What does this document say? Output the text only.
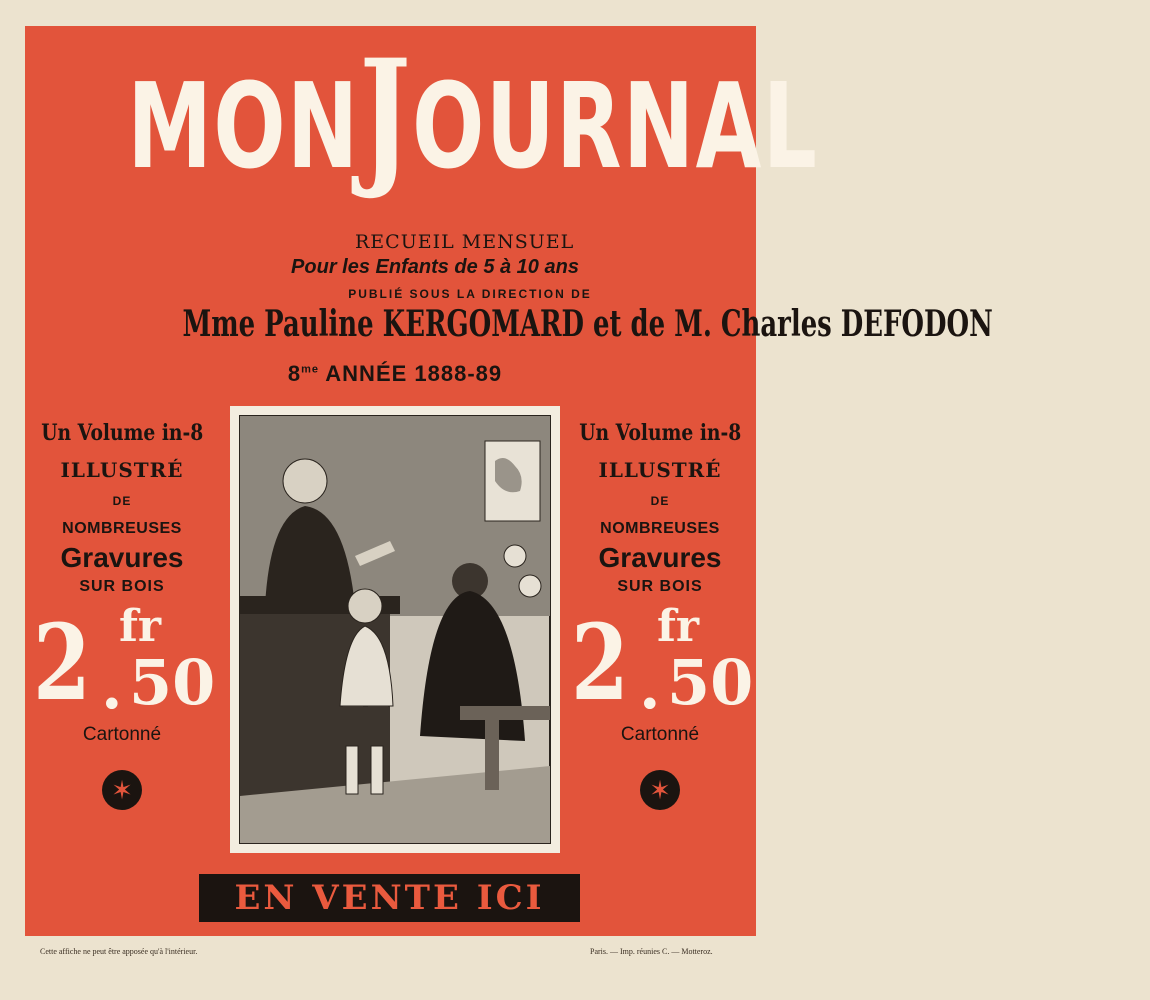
MONJOURNAL
RECUEIL MENSUEL
Pour les Enfants de 5 à 10 ans
PUBLIÉ SOUS LA DIRECTION DE
Mme Pauline KERGOMARD et de M. Charles DEFODON
$8^{me}$ ANNÉE 1888-89
Un Volume in-8
ILLUSTRÉ
DE
NOMBREUSES
Gravures
SUR BOIS
2 .
fr
50
Cartonné
✶
Un Volume in-8
ILLUSTRÉ
DE
NOMBREUSES
Gravures
SUR BOIS
2 .
fr
50
Cartonné
✶
EN VENTE ICI
Cette affiche ne peut être apposée qu'à l'intérieur.	Paris. — Imp. réunies C. — Motteroz.
